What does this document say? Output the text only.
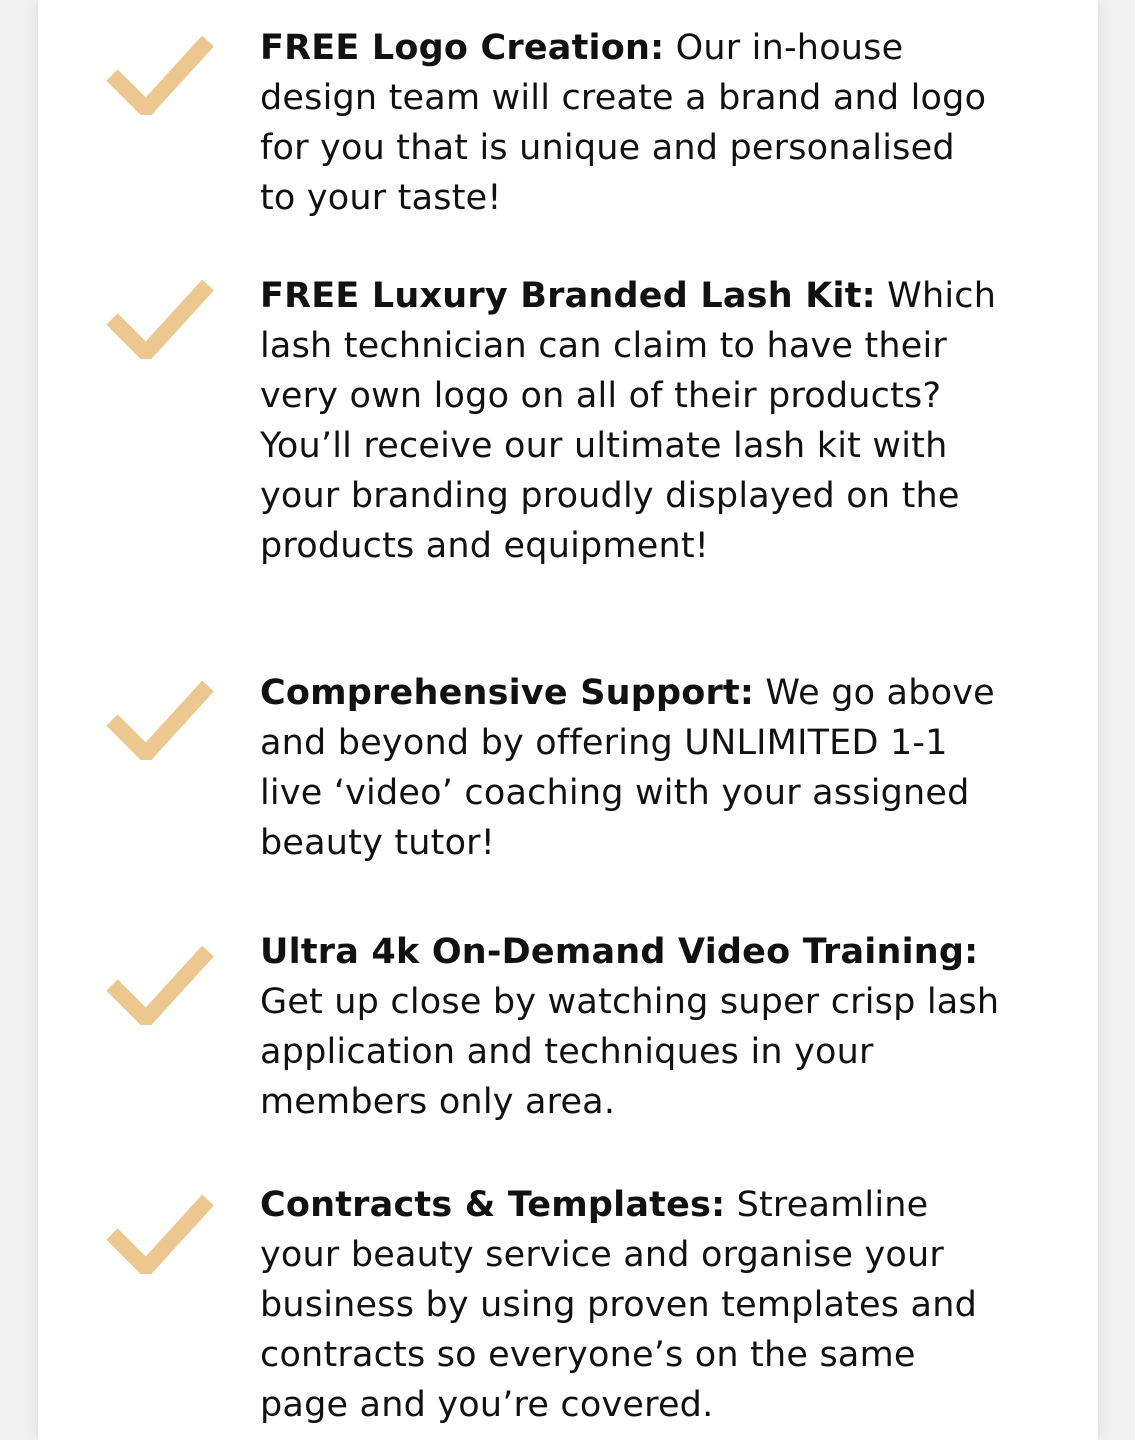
FREE Logo Creation: Our in-house design team will create a brand and logo for you that is unique and personalised to your taste!

FREE Luxury Branded Lash Kit: Which lash technician can claim to have their very own logo on all of their products? You’ll receive our ultimate lash kit with your branding proudly displayed on the products and equipment!

Comprehensive Support: We go above and beyond by offering UNLIMITED 1-1 live ‘video’ coaching with your assigned beauty tutor!

Ultra 4k On-Demand Video Training: Get up close by watching super crisp lash application and techniques in your members only area.

Contracts & Templates: Streamline your beauty service and organise your business by using proven templates and contracts so everyone’s on the same page and you’re covered.
